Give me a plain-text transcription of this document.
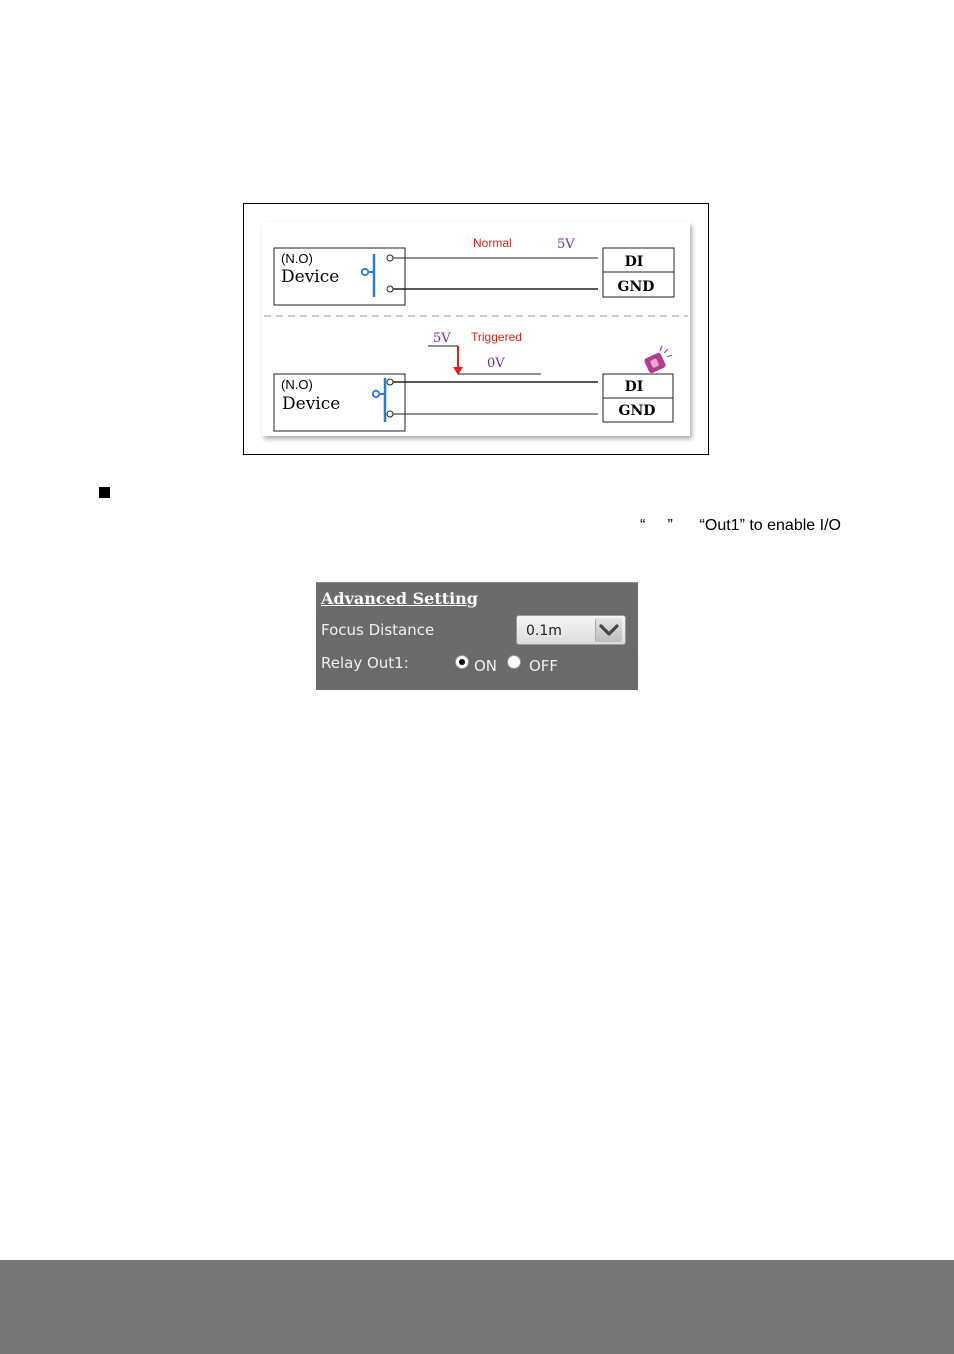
(N.O)
Device
Normal	5V
DI
GND
(N.O)
Device
5V Triggered
0V
DI
GND
“     ”      “Out1” to enable I/O
Advanced Setting
Focus Distance	0.1m
Relay Out1:	ON OFF
